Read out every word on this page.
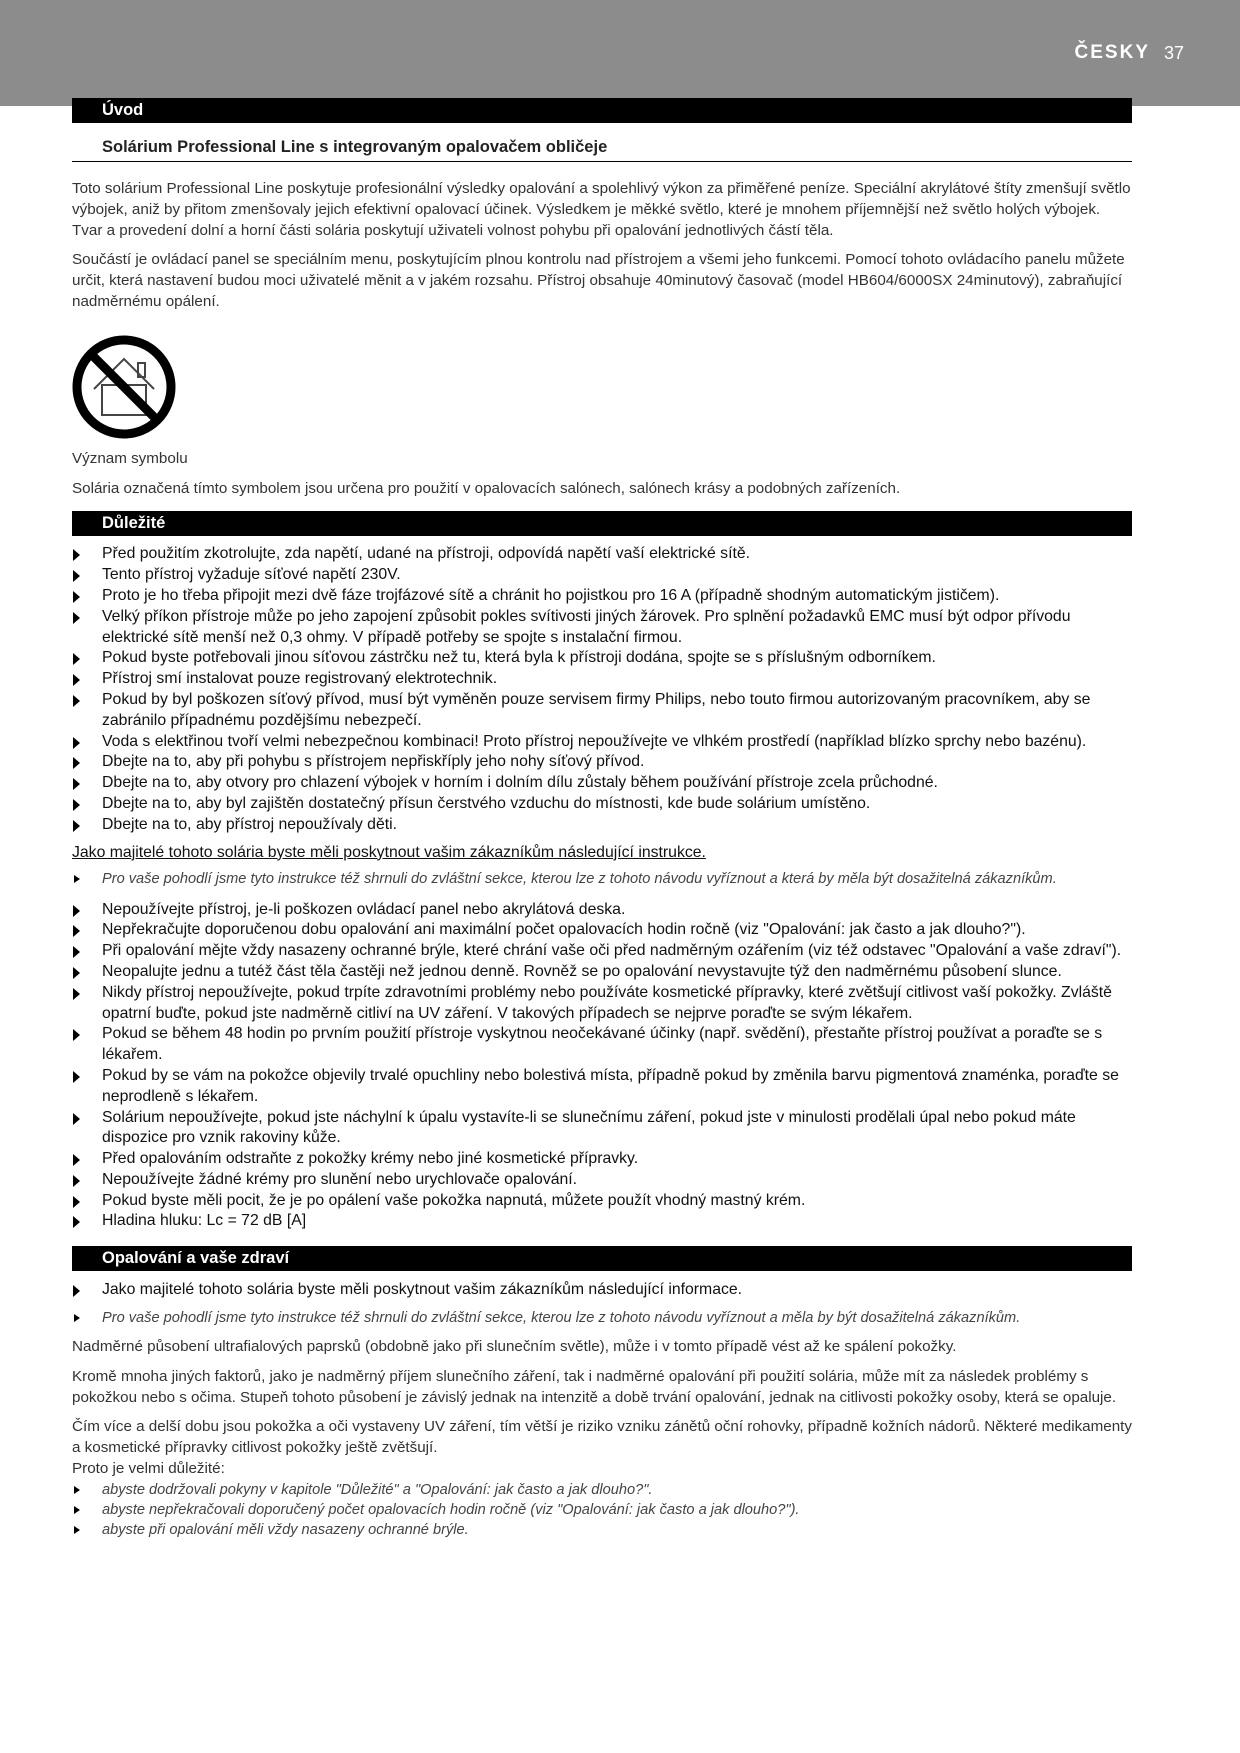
ČESKY 37
Úvod
Solárium Professional Line s integrovaným opalovačem obličeje

Toto solárium Professional Line poskytuje profesionální výsledky opalování a spolehlivý výkon za přiměřené peníze. Speciální akrylátové štíty zmenšují světlo výbojek, aniž by přitom zmenšovaly jejich efektivní opalovací účinek. Výsledkem je měkké světlo, které je mnohem příjemnější než světlo holých výbojek. Tvar a provedení dolní a horní části solária poskytují uživateli volnost pohybu při opalování jednotlivých částí těla.

Součástí je ovládací panel se speciálním menu, poskytujícím plnou kontrolu nad přístrojem a všemi jeho funkcemi. Pomocí tohoto ovládacího panelu můžete určit, která nastavení budou moci uživatelé měnit a v jakém rozsahu. Přístroj obsahuje 40minutový časovač (model HB604/6000SX 24minutový), zabraňující nadměrnému opálení.

Význam symbolu

Solária označená tímto symbolem jsou určena pro použití v opalovacích salónech, salónech krásy a podobných zařízeních.

Důležité
Před použitím zkotrolujte, zda napětí, udané na přístroji, odpovídá napětí vaší elektrické sítě.
Tento přístroj vyžaduje síťové napětí 230V.
Proto je ho třeba připojit mezi dvě fáze trojfázové sítě a chránit ho pojistkou pro 16 A (případně shodným automatickým jističem).
Velký příkon přístroje může po jeho zapojení způsobit pokles svítivosti jiných žárovek. Pro splnění požadavků EMC musí být odpor přívodu elektrické sítě menší než 0,3 ohmy. V případě potřeby se spojte s instalační firmou.
Pokud byste potřebovali jinou síťovou zástrčku než tu, která byla k přístroji dodána, spojte se s příslušným odborníkem.
Přístroj smí instalovat pouze registrovaný elektrotechnik.
Pokud by byl poškozen síťový přívod, musí být vyměněn pouze servisem firmy Philips, nebo touto firmou autorizovaným pracovníkem, aby se zabránilo případnému pozdějšímu nebezpečí.
Voda s elektřinou tvoří velmi nebezpečnou kombinaci! Proto přístroj nepoužívejte ve vlhkém prostředí (například blízko sprchy nebo bazénu).
Dbejte na to, aby při pohybu s přístrojem nepřiskříply jeho nohy síťový přívod.
Dbejte na to, aby otvory pro chlazení výbojek v horním i dolním dílu zůstaly během používání přístroje zcela průchodné.
Dbejte na to, aby byl zajištěn dostatečný přísun čerstvého vzduchu do místnosti, kde bude solárium umístěno.
Dbejte na to, aby přístroj nepoužívaly děti.
Jako majitelé tohoto solária byste měli poskytnout vašim zákazníkům následující instrukce.
Pro vaše pohodlí jsme tyto instrukce též shrnuli do zvláštní sekce, kterou lze z tohoto návodu vyříznout a která by měla být dosažitelná zákazníkům.
Nepoužívejte přístroj, je-li poškozen ovládací panel nebo akrylátová deska.
Nepřekračujte doporučenou dobu opalování ani maximální počet opalovacích hodin ročně (viz "Opalování: jak často a jak dlouho?").
Při opalování mějte vždy nasazeny ochranné brýle, které chrání vaše oči před nadměrným ozářením (viz též odstavec "Opalování a vaše zdraví").
Neopalujte jednu a tutéž část těla častěji než jednou denně. Rovněž se po opalování nevystavujte týž den nadměrnému působení slunce.
Nikdy přístroj nepoužívejte, pokud trpíte zdravotními problémy nebo používáte kosmetické přípravky, které zvětšují citlivost vaší pokožky. Zvláště opatrní buďte, pokud jste nadměrně citliví na UV záření. V takových případech se nejprve poraďte se svým lékařem.
Pokud se během 48 hodin po prvním použití přístroje vyskytnou neočekávané účinky (např. svědění), přestaňte přístroj používat a poraďte se s lékařem.
Pokud by se vám na pokožce objevily trvalé opuchliny nebo bolestivá místa, případně pokud by změnila barvu pigmentová znaménka, poraďte se neprodleně s lékařem.
Solárium nepoužívejte, pokud jste náchylní k úpalu vystavíte-li se slunečnímu záření, pokud jste v minulosti prodělali úpal nebo pokud máte dispozice pro vznik rakoviny kůže.
Před opalováním odstraňte z pokožky krémy nebo jiné kosmetické přípravky.
Nepoužívejte žádné krémy pro slunění nebo urychlovače opalování.
Pokud byste měli pocit, že je po opálení vaše pokožka napnutá, můžete použít vhodný mastný krém.
Hladina hluku: Lc = 72 dB [A]
Opalování a vaše zdraví
Jako majitelé tohoto solária byste měli poskytnout vašim zákazníkům následující informace.
Pro vaše pohodlí jsme tyto instrukce též shrnuli do zvláštní sekce, kterou lze z tohoto návodu vyříznout a měla by být dosažitelná zákazníkům.

Nadměrné působení ultrafialových paprsků (obdobně jako při slunečním světle), může i v tomto případě vést až ke spálení pokožky.

Kromě mnoha jiných faktorů, jako je nadměrný příjem slunečního záření, tak i nadměrné opalování při použití solária, může mít za následek problémy s pokožkou nebo s očima. Stupeň tohoto působení je závislý jednak na intenzitě a době trvání opalování, jednak na citlivosti pokožky osoby, která se opaluje.

Čím více a delší dobu jsou pokožka a oči vystaveny UV záření, tím větší je riziko vzniku zánětů oční rohovky, případně kožních nádorů. Některé medikamenty a kosmetické přípravky citlivost pokožky ještě zvětšují.

Proto je velmi důležité:

abyste dodržovali pokyny v kapitole "Důležité" a "Opalování: jak často a jak dlouho?".
abyste nepřekračovali doporučený počet opalovacích hodin ročně (viz "Opalování: jak často a jak dlouho?").
abyste při opalování měli vždy nasazeny ochranné brýle.
